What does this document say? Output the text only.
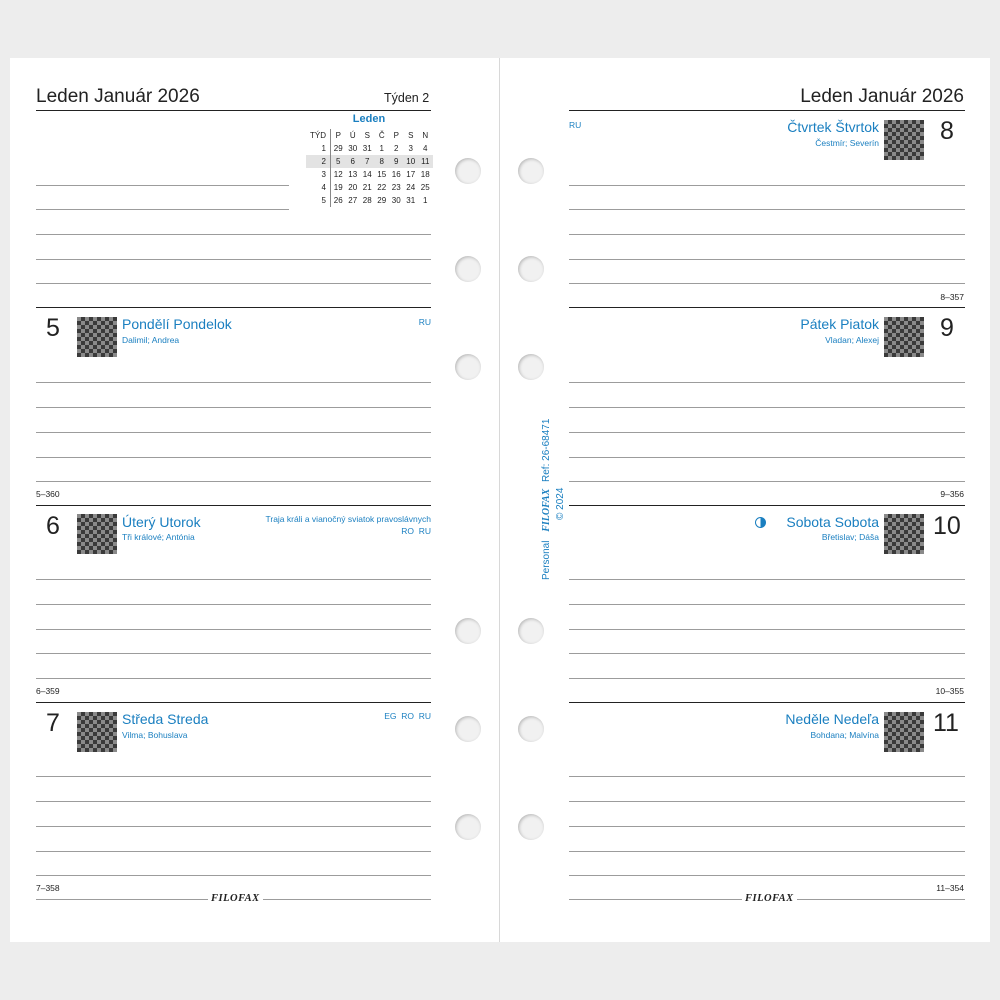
Leden Január 2026	Týden 2
Leden
TÝD	P	Ú	S	Č	P	S	N
1 29 30 31 1	2	3	4
2	5	6	7	8	9 10 11
3 12 13 14 15 16 17 18
4 19 20 21 22 23 24 25
5 26 27 28 29 30 31 1
5	Pondělí Pondelok
Dalimil; Andrea
RU
5–360
6	Úterý Utorok
Tři králové; Antónia
Traja králi a vianočný sviatok pravoslávnych
RO  RU
6–359
7	Středa Streda
Vilma; Bohuslava
EG  RO  RU
7–358
FILOFAX
Leden Január 2026
RU	Čtvrtek Štvrtok
Čestmír; Severín 8
8–357
Pátek Piatok
Vladan; Alexej 9
9–356
Sobota Sobota
Břetislav; Dáša 10
10–355
Neděle Nedeľa
Bohdana; Malvína 11
11–354
FILOFAX
Personal FILOFAX Ref: 26-68471
© 2024
